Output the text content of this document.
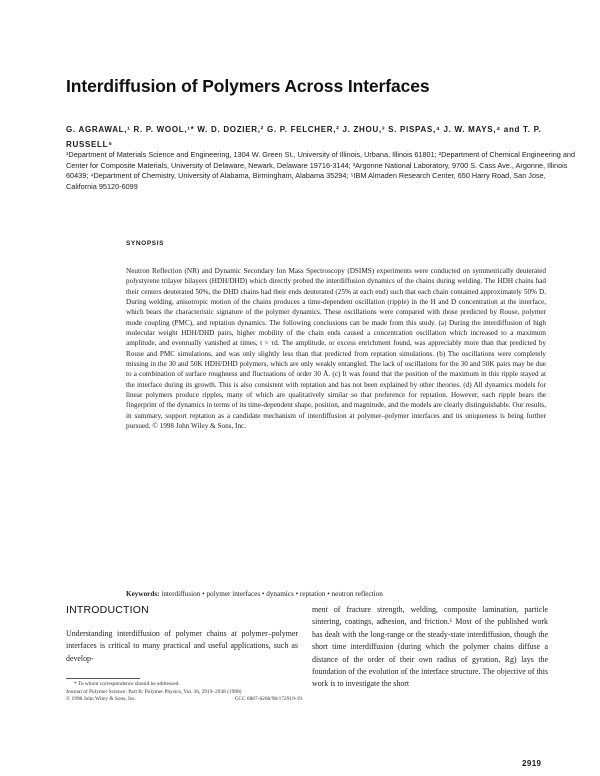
Interdiffusion of Polymers Across Interfaces
G. AGRAWAL,¹ R. P. WOOL,¹* W. D. DOZIER,² G. P. FELCHER,² J. ZHOU,³ S. PISPAS,⁴ J. W. MAYS,⁴ and T. P. RUSSELL⁵
¹Department of Materials Science and Engineering, 1304 W. Green St., University of Illinois, Urbana, Illinois 61801; ²Department of Chemical Engineering and Center for Composite Materials, University of Delaware, Newark, Delaware 19716-3144; ³Argonne National Laboratory, 9700 S. Cass Ave., Argonne, Illinois 60439; ⁴Department of Chemistry, University of Alabama, Birmingham, Alabama 35294; ⁵IBM Almaden Research Center, 650 Harry Road, San Jose, California 95120-6099
SYNOPSIS
Neutron Reflection (NR) and Dynamic Secondary Ion Mass Spectroscopy (DSIMS) experiments were conducted on symmetrically deuterated polystyrene trilayer bilayers (HDH/DHD) which directly probed the interdiffusion dynamics of the chains during welding. The HDH chains had their centers deuterated 50%, the DHD chains had their ends deuterated (25% at each end) such that each chain contained approximately 50% D. During welding, anisotropic motion of the chains produces a time-dependent oscillation (ripple) in the H and D concentration at the interface, which bears the characteristic signature of the polymer dynamics. These oscillations were compared with those predicted by Rouse, polymer mode coupling (PMC), and reptation dynamics. The following conclusions can be made from this study. (a) During the interdiffusion of high molecular weight HDH/DHD pairs, higher mobility of the chain ends caused a concentration oscillation which increased to a maximum amplitude, and eventually vanished at times, t > τd. The amplitude, or excess enrichment found, was appreciably more than that predicted by Rouse and PMC simulations, and was only slightly less than that predicted from reptation simulations. (b) The oscillations were completely missing in the 30 and 50K HDH/DHD polymers, which are only weakly entangled. The lack of oscillations for the 30 and 50K pairs may be due to a combination of surface roughness and fluctuations of order 30 Å. (c) It was found that the position of the maximum in this ripple stayed at the interface during its growth. This is also consistent with reptation and has not been explained by other theories. (d) All dynamics models for linear polymers produce ripples, many of which are qualitatively similar so that preference for reptation. However, each ripple bears the fingerprint of the dynamics in terms of its time-dependent shape, position, and magnitude, and the models are clearly distinguishable. Our results, in summary, support reptation as a candidate mechanism of interdiffusion at polymer–polymer interfaces and its uniqueness is being further pursued. © 1998 John Wiley & Sons, Inc.
Keywords: interdiffusion • polymer interfaces • dynamics • reptation • neutron reflection
INTRODUCTION
Understanding interdiffusion of polymer chains at polymer–polymer interfaces is critical to many practical and useful applications, such as develop-
ment of fracture strength, welding, composite lamination, particle sintering, coatings, adhesion, and friction.¹ Most of the published work has dealt with the long-range or the steady-state interdiffusion, though the short time interdiffusion (during which the polymer chains diffuse a distance of the order of their own radius of gyration, Rg) lays the foundation of the evolution of the interface structure. The objective of this work is to investigate the short
* To whom correspondence should be addressed.
Journal of Polymer Science: Part B: Polymer Physics, Vol. 36, 2919–2938 (1998)
© 1998 John Wiley & Sons, Inc.	CCC 0887-6266/98/172919-19
2919
